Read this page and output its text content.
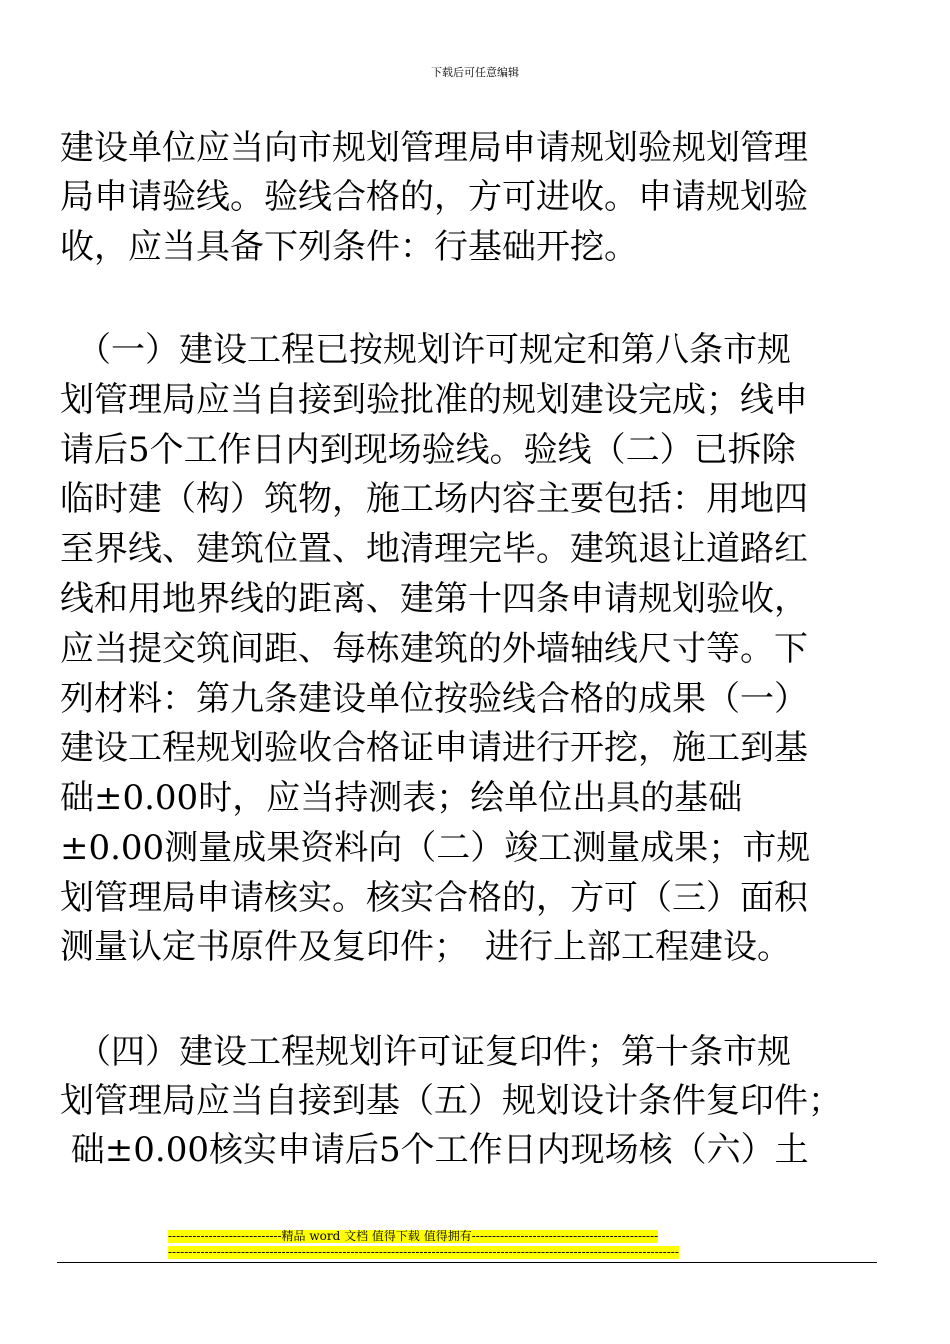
下载后可任意编辑
建设单位应当向市规划管理局申请规划验规划管理
局申请验线。验线合格的，方可进收。申请规划验
收，应当具备下列条件：行基础开挖。
　（一）建设工程已按规划许可规定和第八条市规
划管理局应当自接到验批准的规划建设完成；线申
请后5个工作日内到现场验线。验线（二）已拆除
临时建（构）筑物，施工场内容主要包括：用地四
至界线、建筑位置、地清理完毕。建筑退让道路红
线和用地界线的距离、建第十四条申请规划验收，
应当提交筑间距、每栋建筑的外墙轴线尺寸等。下
列材料：第九条建设单位按验线合格的成果（一）
建设工程规划验收合格证申请进行开挖，施工到基
础±0.00时，应当持测表；绘单位出具的基础
±0.00测量成果资料向（二）竣工测量成果；市规
划管理局申请核实。核实合格的，方可（三）面积
测量认定书原件及复印件；　进行上部工程建设。
　（四）建设工程规划许可证复印件；第十条市规
划管理局应当自接到基（五）规划设计条件复印件；
础±0.00核实申请后5个工作日内现场核（六）土
----------------------------精品 word 文档 值得下载 值得拥有----------------------------------------------
------------------------------------------------------------------------------------------------------------------------------
